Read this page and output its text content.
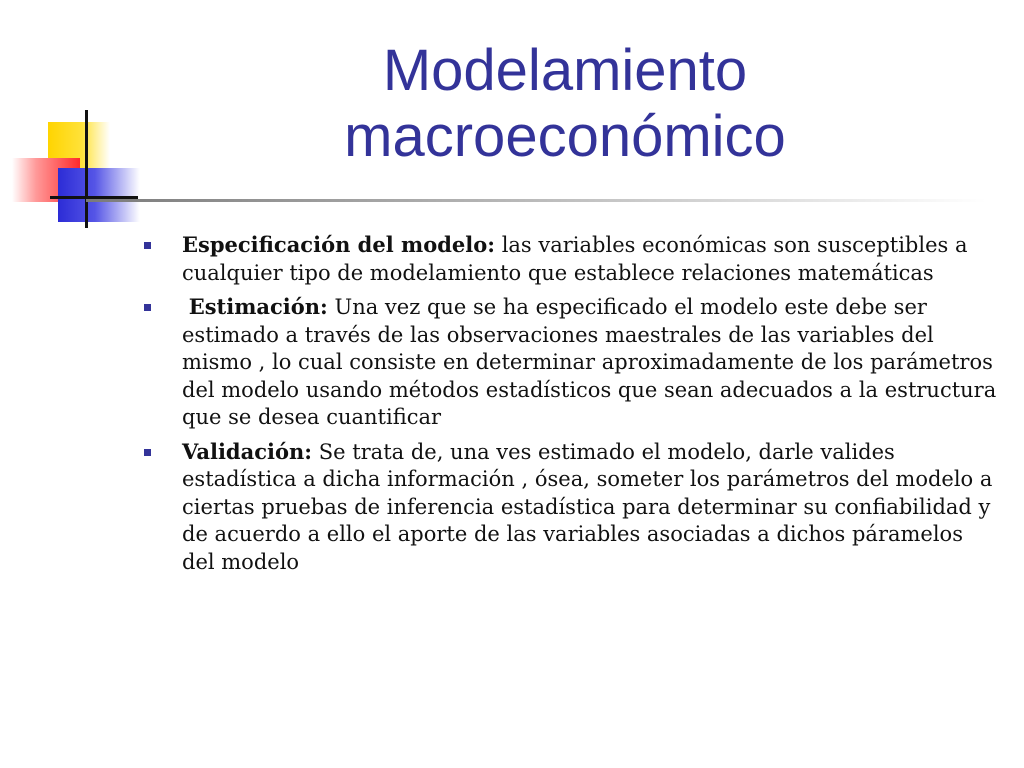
Modelamiento
macroeconómico
Especificación del modelo: las variables económicas son susceptibles a cualquier tipo de modelamiento que establece relaciones matemáticas
Estimación: Una vez que se ha especificado el modelo este debe ser estimado a través de las observaciones maestrales de las variables del mismo , lo cual consiste en determinar aproximadamente de los parámetros del modelo usando métodos estadísticos que sean adecuados a la estructura que se desea cuantificar
Validación: Se trata de, una ves estimado el modelo, darle valides estadística a dicha información , ósea, someter los parámetros del modelo a ciertas pruebas de inferencia estadística para determinar su confiabilidad y de acuerdo a ello el aporte de las variables asociadas a dichos páramelos del modelo
